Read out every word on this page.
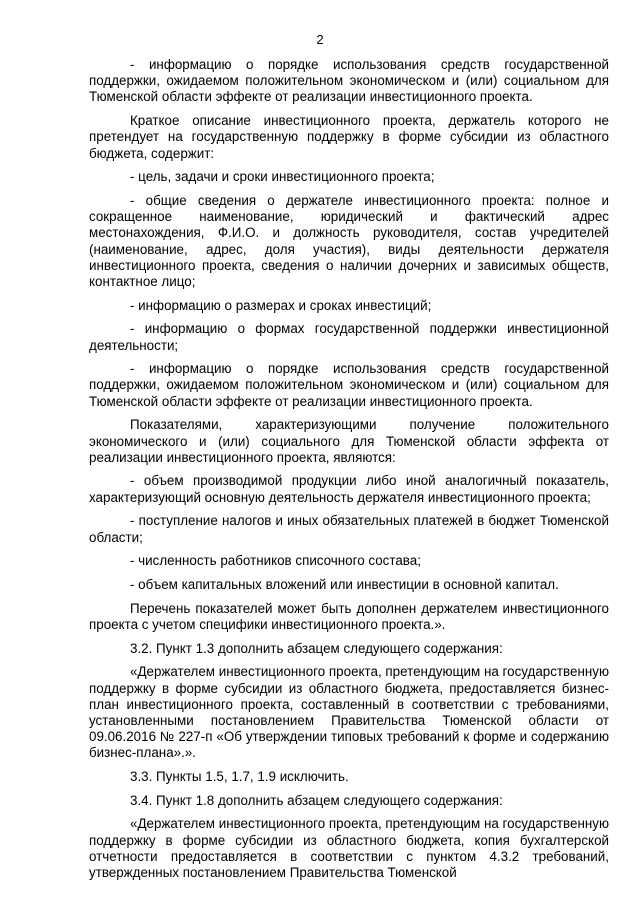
2

- информацию о порядке использования средств государственной поддержки, ожидаемом положительном экономическом и (или) социальном для Тюменской области эффекте от реализации инвестиционного проекта.

Краткое описание инвестиционного проекта, держатель которого не претендует на государственную поддержку в форме субсидии из областного бюджета, содержит:

- цель, задачи и сроки инвестиционного проекта;

- общие сведения о держателе инвестиционного проекта: полное и сокращенное наименование, юридический и фактический адрес местонахождения, Ф.И.О. и должность руководителя, состав учредителей (наименование, адрес, доля участия), виды деятельности держателя инвестиционного проекта, сведения о наличии дочерних и зависимых обществ, контактное лицо;

- информацию о размерах и сроках инвестиций;

- информацию о формах государственной поддержки инвестиционной деятельности;

- информацию о порядке использования средств государственной поддержки, ожидаемом положительном экономическом и (или) социальном для Тюменской области эффекте от реализации инвестиционного проекта.

Показателями, характеризующими получение положительного экономического и (или) социального для Тюменской области эффекта от реализации инвестиционного проекта, являются:

- объем производимой продукции либо иной аналогичный показатель, характеризующий основную деятельность держателя инвестиционного проекта;

- поступление налогов и иных обязательных платежей в бюджет Тюменской области;

- численность работников списочного состава;

- объем капитальных вложений или инвестиции в основной капитал.

Перечень показателей может быть дополнен держателем инвестиционного проекта с учетом специфики инвестиционного проекта.».

3.2. Пункт 1.3 дополнить абзацем следующего содержания:

«Держателем инвестиционного проекта, претендующим на государственную поддержку в форме субсидии из областного бюджета, предоставляется бизнес-план инвестиционного проекта, составленный в соответствии с требованиями, установленными постановлением Правительства Тюменской области от 09.06.2016 № 227-п «Об утверждении типовых требований к форме и содержанию бизнес-плана».».

3.3. Пункты 1.5, 1.7, 1.9 исключить.

3.4. Пункт 1.8 дополнить абзацем следующего содержания:

«Держателем инвестиционного проекта, претендующим на государственную поддержку в форме субсидии из областного бюджета, копия бухгалтерской отчетности предоставляется в соответствии с пунктом 4.3.2 требований, утвержденных постановлением Правительства Тюменской
